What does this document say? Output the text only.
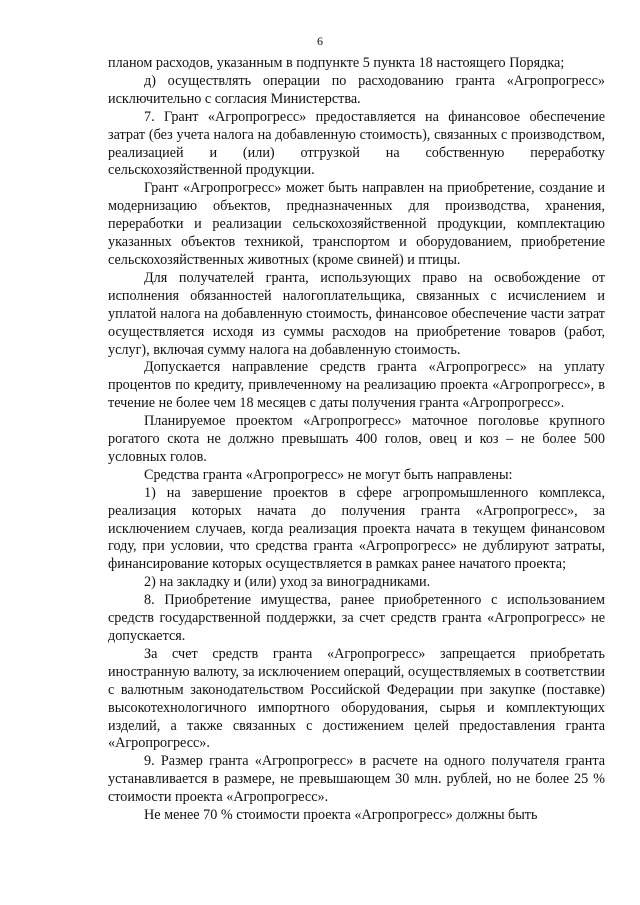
6

планом расходов, указанным в подпункте 5 пункта 18 настоящего Порядка;

д) осуществлять операции по расходованию гранта «Агропрогресс» исключительно с согласия Министерства.

7. Грант «Агропрогресс» предоставляется на финансовое обеспечение затрат (без учета налога на добавленную стоимость), связанных с производством, реализацией и (или) отгрузкой на собственную переработку сельскохозяйственной продукции.

Грант «Агропрогресс» может быть направлен на приобретение, создание и модернизацию объектов, предназначенных для производства, хранения, переработки и реализации сельскохозяйственной продукции, комплектацию указанных объектов техникой, транспортом и оборудованием, приобретение сельскохозяйственных животных (кроме свиней) и птицы.

Для получателей гранта, использующих право на освобождение от исполнения обязанностей налогоплательщика, связанных с исчислением и уплатой налога на добавленную стоимость, финансовое обеспечение части затрат осуществляется исходя из суммы расходов на приобретение товаров (работ, услуг), включая сумму налога на добавленную стоимость.

Допускается направление средств гранта «Агропрогресс» на уплату процентов по кредиту, привлеченному на реализацию проекта «Агропрогресс», в течение не более чем 18 месяцев с даты получения гранта «Агропрогресс».

Планируемое проектом «Агропрогресс» маточное поголовье крупного рогатого скота не должно превышать 400 голов, овец и коз – не более 500 условных голов.

Средства гранта «Агропрогресс» не могут быть направлены:

1) на завершение проектов в сфере агропромышленного комплекса, реализация которых начата до получения гранта «Агропрогресс», за исключением случаев, когда реализация проекта начата в текущем финансовом году, при условии, что средства гранта «Агропрогресс» не дублируют затраты, финансирование которых осуществляется в рамках ранее начатого проекта;

2) на закладку и (или) уход за виноградниками.

8. Приобретение имущества, ранее приобретенного с использованием средств государственной поддержки, за счет средств гранта «Агропрогресс» не допускается.

За счет средств гранта «Агропрогресс» запрещается приобретать иностранную валюту, за исключением операций, осуществляемых в соответствии с валютным законодательством Российской Федерации при закупке (поставке) высокотехнологичного импортного оборудования, сырья и комплектующих изделий, а также связанных с достижением целей предоставления гранта «Агропрогресс».

9. Размер гранта «Агропрогресс» в расчете на одного получателя гранта устанавливается в размере, не превышающем 30 млн. рублей, но не более 25 % стоимости проекта «Агропрогресс».

Не менее 70 % стоимости проекта «Агропрогресс» должны быть
